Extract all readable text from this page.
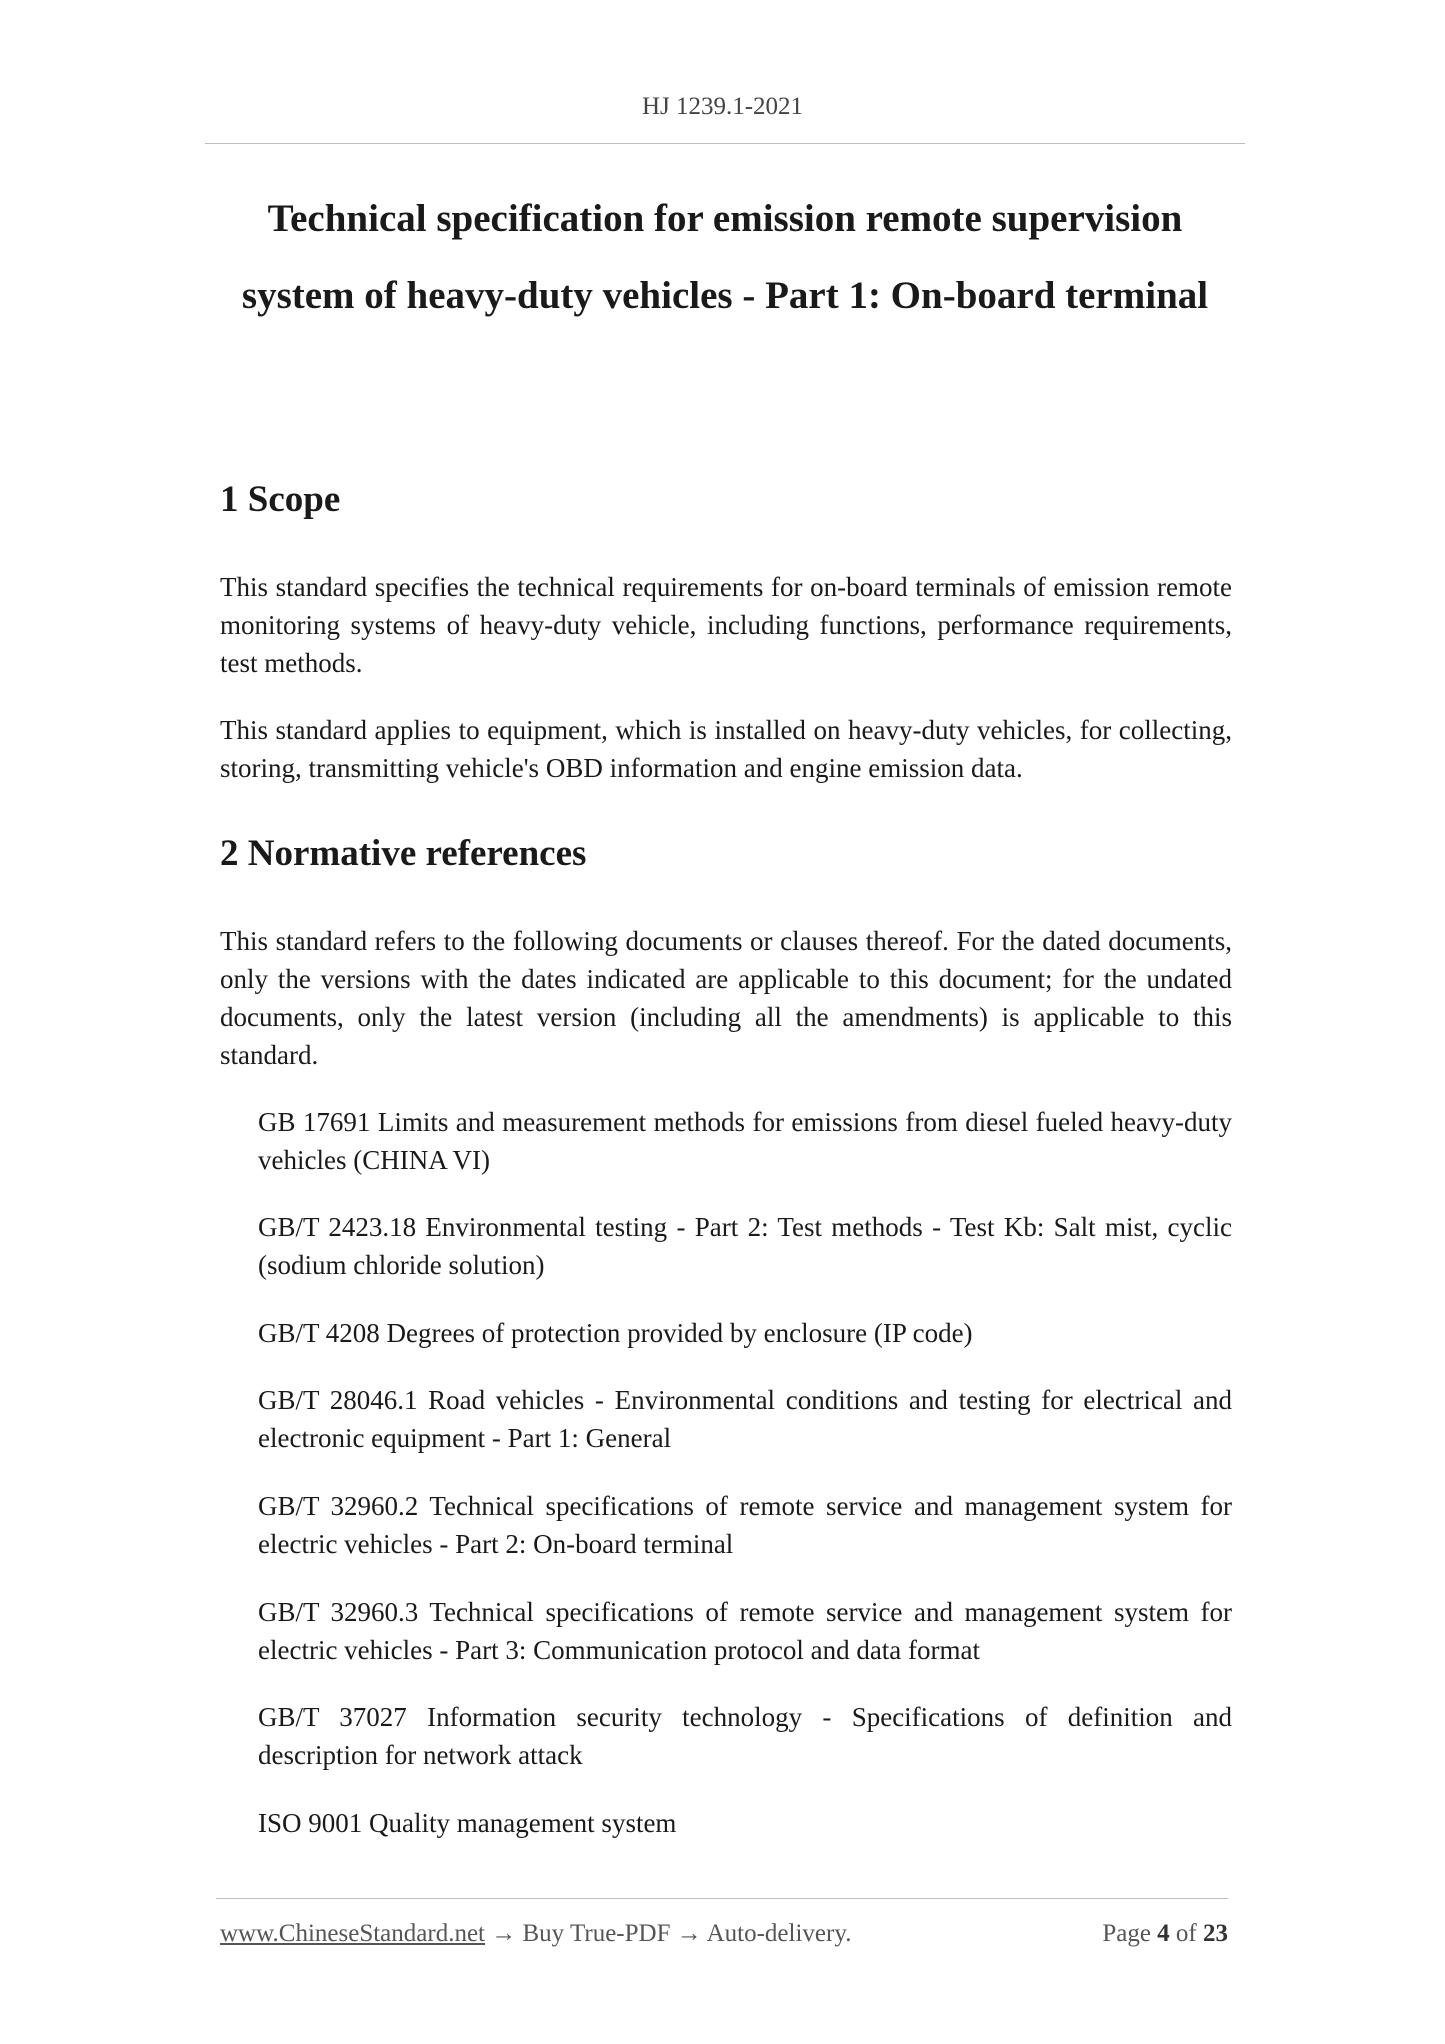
HJ 1239.1-2021
Technical specification for emission remote supervision
system of heavy-duty vehicles - Part 1: On-board terminal
1 Scope

This standard specifies the technical requirements for on-board terminals of emission remote monitoring systems of heavy-duty vehicle, including functions, performance requirements, test methods.

This standard applies to equipment, which is installed on heavy-duty vehicles, for collecting, storing, transmitting vehicle's OBD information and engine emission data.

2 Normative references

This standard refers to the following documents or clauses thereof. For the dated documents, only the versions with the dates indicated are applicable to this document; for the undated documents, only the latest version (including all the amendments) is applicable to this standard.

GB 17691 Limits and measurement methods for emissions from diesel fueled heavy-duty vehicles (CHINA VI)

GB/T 2423.18 Environmental testing - Part 2: Test methods - Test Kb: Salt mist, cyclic (sodium chloride solution)

GB/T 4208 Degrees of protection provided by enclosure (IP code)

GB/T 28046.1 Road vehicles - Environmental conditions and testing for electrical and electronic equipment - Part 1: General

GB/T 32960.2 Technical specifications of remote service and management system for electric vehicles - Part 2: On-board terminal

GB/T 32960.3 Technical specifications of remote service and management system for electric vehicles - Part 3: Communication protocol and data format

GB/T 37027 Information security technology - Specifications of definition and description for network attack

ISO 9001 Quality management system

www.ChineseStandard.net → Buy True-PDF → Auto-delivery.	Page 4 of 23
